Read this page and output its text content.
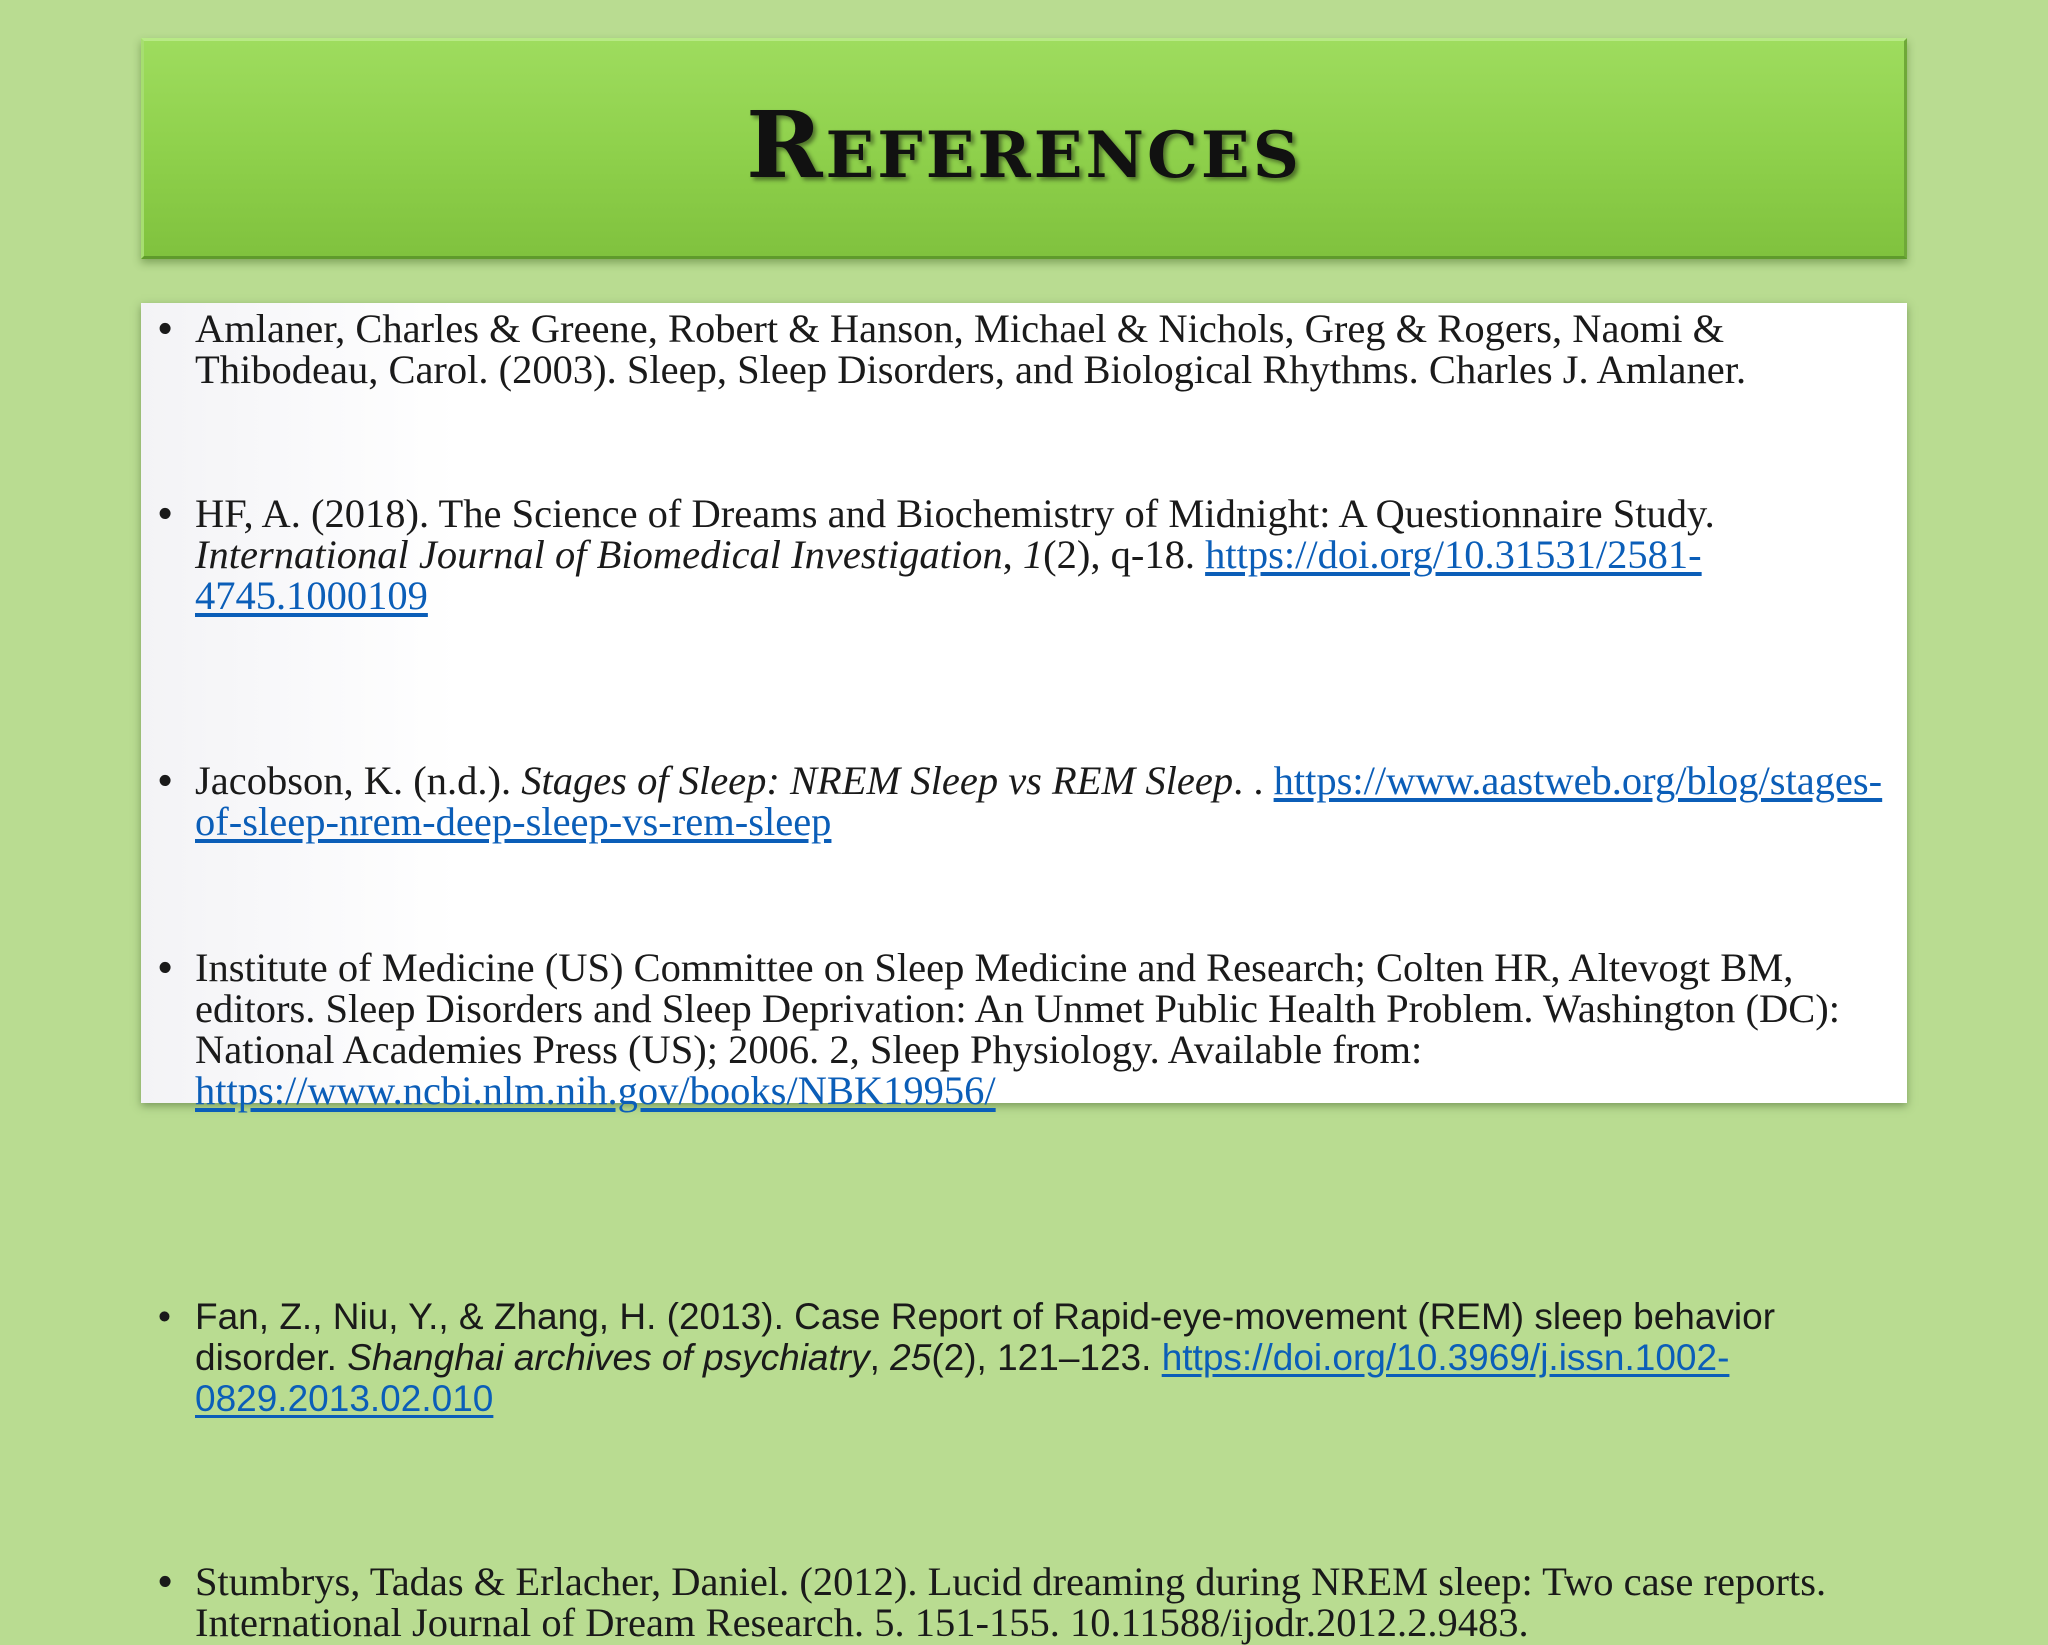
References
• Amlaner, Charles & Greene, Robert & Hanson, Michael & Nichols, Greg & Rogers, Naomi & Thibodeau, Carol. (2003). Sleep, Sleep Disorders, and Biological Rhythms. Charles J. Amlaner.
• HF, A. (2018). The Science of Dreams and Biochemistry of Midnight: A Questionnaire Study. International Journal of Biomedical Investigation, 1(2), q-18. https://doi.org/10.31531/2581-4745.1000109
• Jacobson, K. (n.d.). Stages of Sleep: NREM Sleep vs REM Sleep. . https://www.aastweb.org/blog/stages-of-sleep-nrem-deep-sleep-vs-rem-sleep
• Institute of Medicine (US) Committee on Sleep Medicine and Research; Colten HR, Altevogt BM, editors. Sleep Disorders and Sleep Deprivation: An Unmet Public Health Problem. Washington (DC): National Academies Press (US); 2006. 2, Sleep Physiology. Available from: https://www.ncbi.nlm.nih.gov/books/NBK19956/
• Fan, Z., Niu, Y., & Zhang, H. (2013). Case Report of Rapid-eye-movement (REM) sleep behavior disorder. Shanghai archives of psychiatry, 25(2), 121–123. https://doi.org/10.3969/j.issn.1002-0829.2013.02.010
• Stumbrys, Tadas & Erlacher, Daniel. (2012). Lucid dreaming during NREM sleep: Two case reports. International Journal of Dream Research. 5. 151-155. 10.11588/ijodr.2012.2.9483.
